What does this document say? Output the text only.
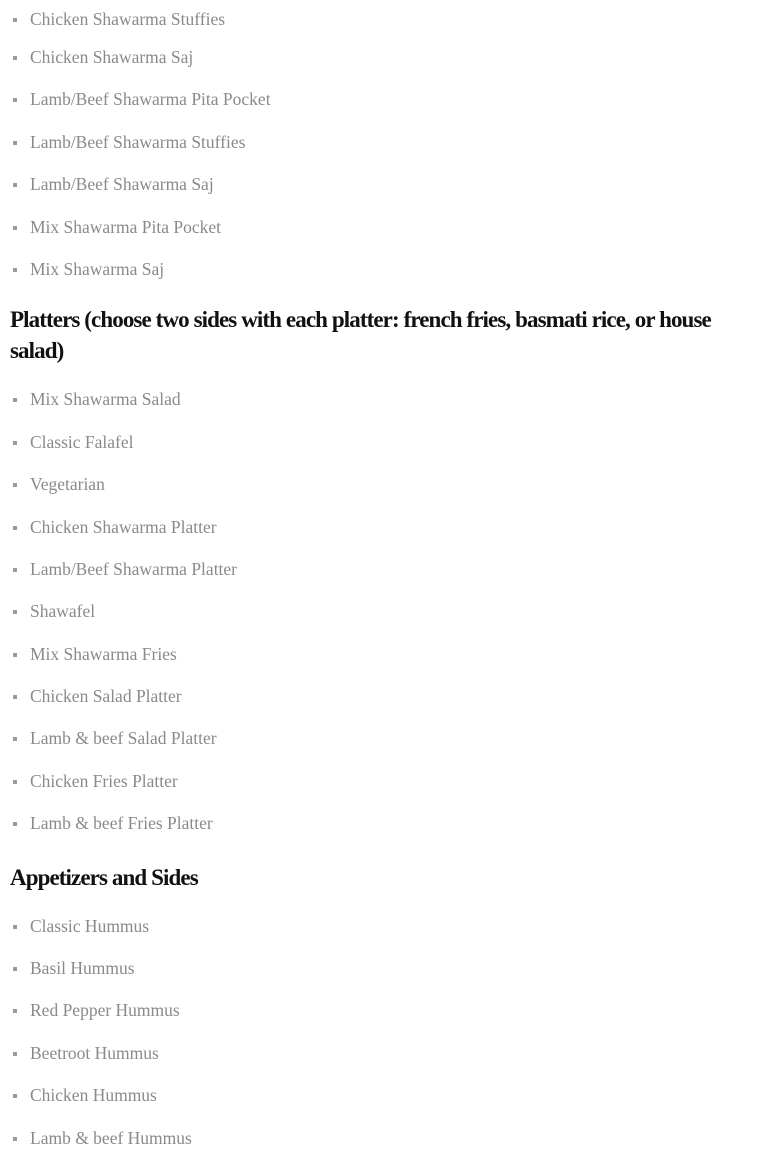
Chicken Shawarma Stuffies
Chicken Shawarma Saj
Lamb/Beef Shawarma Pita Pocket
Lamb/Beef Shawarma Stuffies
Lamb/Beef Shawarma Saj
Mix Shawarma Pita Pocket
Mix Shawarma Saj
Platters (choose two sides with each platter: french fries, basmati rice, or house salad)
Mix Shawarma Salad
Classic Falafel
Vegetarian
Chicken Shawarma Platter
Lamb/Beef Shawarma Platter
Shawafel
Mix Shawarma Fries
Chicken Salad Platter
Lamb & beef Salad Platter
Chicken Fries Platter
Lamb & beef Fries Platter
Appetizers and Sides
Classic Hummus
Basil Hummus
Red Pepper Hummus
Beetroot Hummus
Chicken Hummus
Lamb & beef Hummus
